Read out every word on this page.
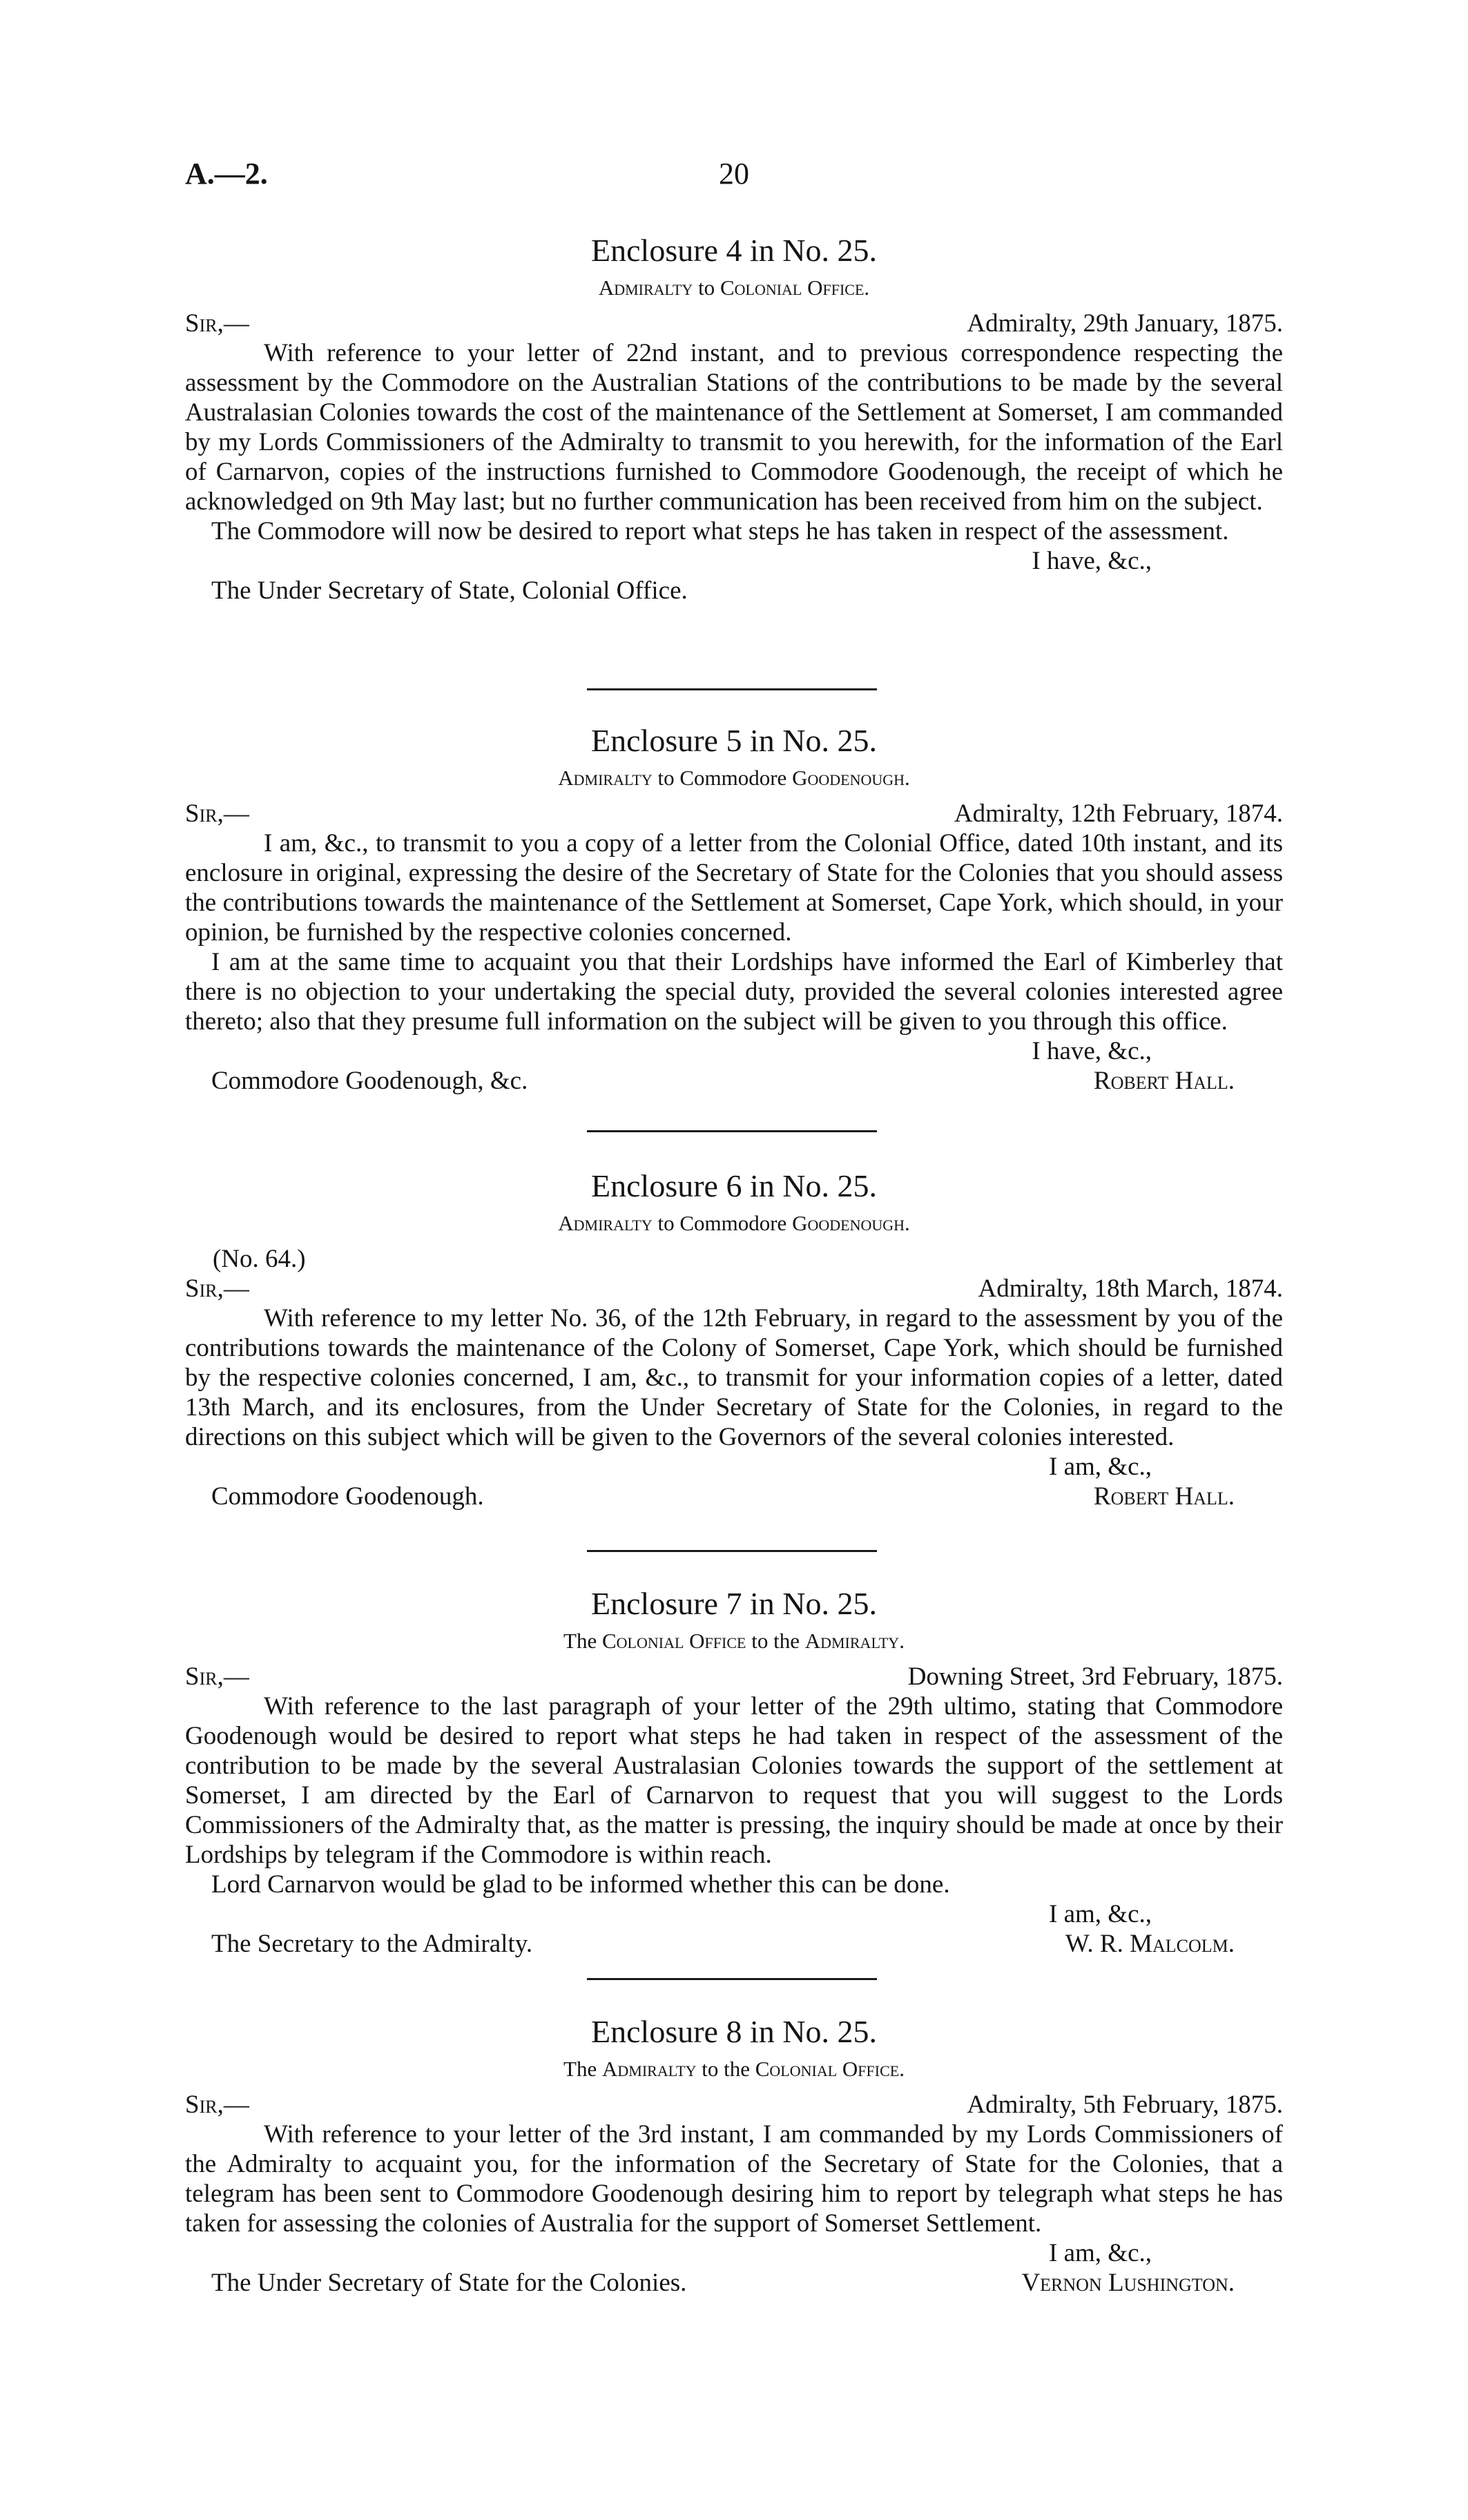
20
A.—2.
Enclosure 4 in No. 25.
Admiralty to Colonial Office.
Sir,—	Admiralty, 29th January, 1875.

With reference to your letter of 22nd instant, and to previous correspondence respecting the assessment by the Commodore on the Australian Stations of the contributions to be made by the several Australasian Colonies towards the cost of the maintenance of the Settlement at Somerset, I am commanded by my Lords Commissioners of the Admiralty to transmit to you herewith, for the information of the Earl of Carnarvon, copies of the instructions furnished to Commodore Goodenough, the receipt of which he acknowledged on 9th May last; but no further communication has been received from him on the subject.

The Commodore will now be desired to report what steps he has taken in respect of the assessment.

I have, &c.,
The Under Secretary of State, Colonial Office.
Enclosure 5 in No. 25.
Admiralty to Commodore Goodenough.
Sir,—	Admiralty, 12th February, 1874.

I am, &c., to transmit to you a copy of a letter from the Colonial Office, dated 10th instant, and its enclosure in original, expressing the desire of the Secretary of State for the Colonies that you should assess the contributions towards the maintenance of the Settlement at Somerset, Cape York, which should, in your opinion, be furnished by the respective colonies concerned.

I am at the same time to acquaint you that their Lordships have informed the Earl of Kimberley that there is no objection to your undertaking the special duty, provided the several colonies interested agree thereto; also that they presume full information on the subject will be given to you through this office.

I have, &c.,
Commodore Goodenough, &c.	Robert Hall.
Enclosure 6 in No. 25.
Admiralty to Commodore Goodenough.
(No. 64.)
Sir,—	Admiralty, 18th March, 1874.

With reference to my letter No. 36, of the 12th February, in regard to the assessment by you of the contributions towards the maintenance of the Colony of Somerset, Cape York, which should be furnished by the respective colonies concerned, I am, &c., to transmit for your information copies of a letter, dated 13th March, and its enclosures, from the Under Secretary of State for the Colonies, in regard to the directions on this subject which will be given to the Governors of the several colonies interested.

I am, &c.,
Commodore Goodenough.	Robert Hall.
Enclosure 7 in No. 25.
The Colonial Office to the Admiralty.
Sir,—	Downing Street, 3rd February, 1875.

With reference to the last paragraph of your letter of the 29th ultimo, stating that Commodore Goodenough would be desired to report what steps he had taken in respect of the assessment of the contribution to be made by the several Australasian Colonies towards the support of the settlement at Somerset, I am directed by the Earl of Carnarvon to request that you will suggest to the Lords Commissioners of the Admiralty that, as the matter is pressing, the inquiry should be made at once by their Lordships by telegram if the Commodore is within reach.

Lord Carnarvon would be glad to be informed whether this can be done.

I am, &c.,
The Secretary to the Admiralty.	W. R. Malcolm.
Enclosure 8 in No. 25.
The Admiralty to the Colonial Office.
Sir,—	Admiralty, 5th February, 1875.

With reference to your letter of the 3rd instant, I am commanded by my Lords Commissioners of the Admiralty to acquaint you, for the information of the Secretary of State for the Colonies, that a telegram has been sent to Commodore Goodenough desiring him to report by telegraph what steps he has taken for assessing the colonies of Australia for the support of Somerset Settlement.

I am, &c.,
The Under Secretary of State for the Colonies.	Vernon Lushington.
